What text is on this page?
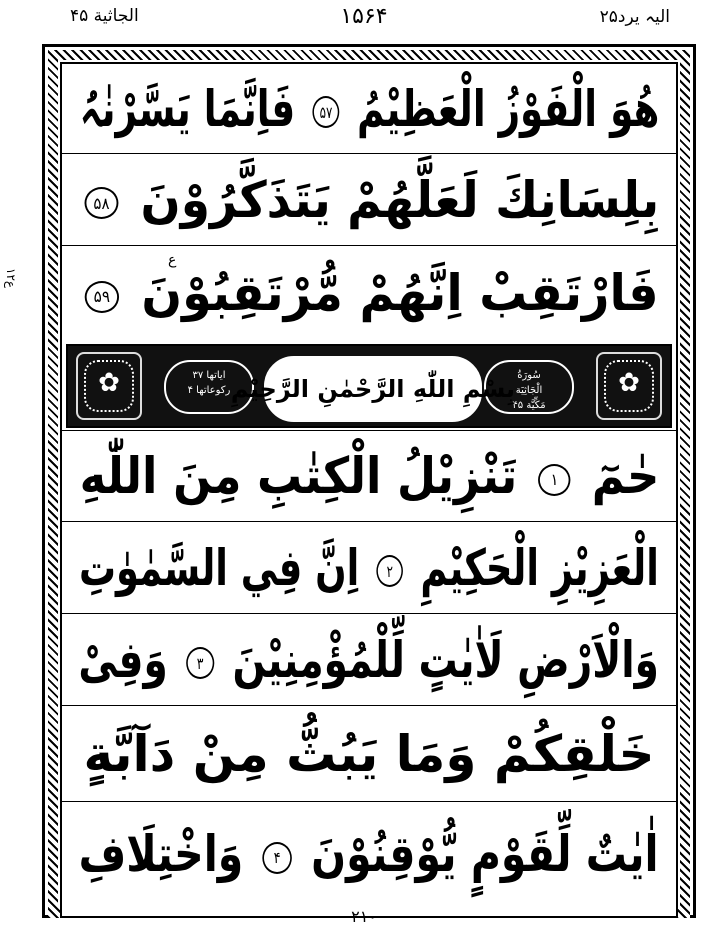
الجاثية ۴۵	۱۵۶۴	الیہ یرد۲۵
ع۱۲
ھُوَ الْفَوْزُ الْعَظِیْمُ ۵۷ فَاِنَّمَا یَسَّرْنٰہُ
بِلِسَانِكَ لَعَلَّهُمْ يَتَذَكَّرُوْنَ ۵۸
فَارْتَقِبْ اِنَّهُمْ مُّرْتَقِبُوْنَ ۵۹
ع
✿
✿
ایاتھا ۳۷
رکوعاتھا ۴
سُورَةُ
الْجَاثِيَة
مَكِّيَّة ۴۵
بِسْمِ اللّٰهِ الرَّحْمٰنِ الرَّحِيْمِ
حٰمٓ ۱ تَنْزِیْلُ الْكِتٰبِ مِنَ اللّٰهِ
الْعَزِیْزِ الْحَكِیْمِ ۲ اِنَّ فِي السَّمٰوٰتِ
وَالْاَرْضِ لَاٰیٰتٍ لِّلْمُؤْمِنِیْنَ ۳ وَفِیْ
خَلْقِكُمْ وَمَا یَبُثُّ مِنْ دَآبَّةٍ
اٰیٰتٌ لِّقَوْمٍ یُّوْقِنُوْنَ ۴ وَاخْتِلَافِ
۲۱۰
